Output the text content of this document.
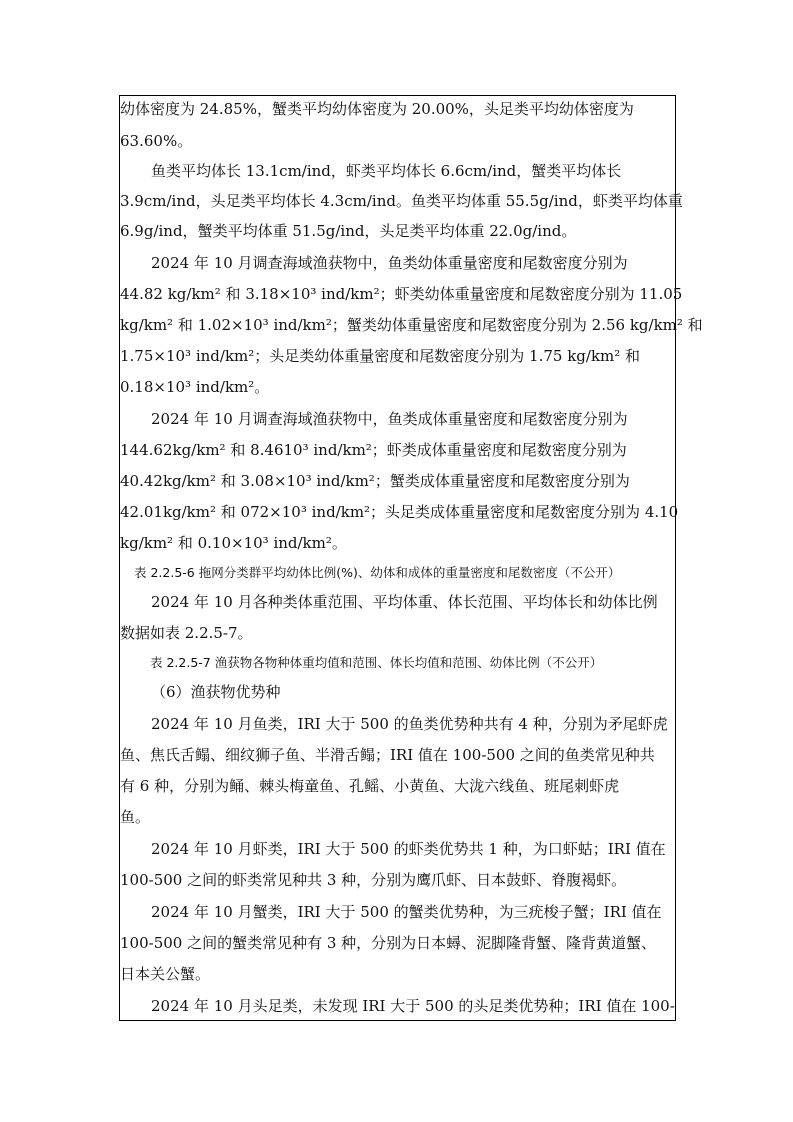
幼体密度为 24.85%，蟹类平均幼体密度为 20.00%，头足类平均幼体密度为
63.60%。
鱼类平均体长 13.1cm/ind，虾类平均体长 6.6cm/ind，蟹类平均体长
3.9cm/ind，头足类平均体长 4.3cm/ind。鱼类平均体重 55.5g/ind，虾类平均体重
6.9g/ind，蟹类平均体重 51.5g/ind，头足类平均体重 22.0g/ind。
2024 年 10 月调查海域渔获物中，鱼类幼体重量密度和尾数密度分别为
44.82 kg/km² 和 3.18×10³ ind/km²；虾类幼体重量密度和尾数密度分别为 11.05
kg/km² 和 1.02×10³ ind/km²；蟹类幼体重量密度和尾数密度分别为 2.56 kg/km² 和
1.75×10³ ind/km²；头足类幼体重量密度和尾数密度分别为 1.75 kg/km² 和
0.18×10³ ind/km²。
2024 年 10 月调查海域渔获物中，鱼类成体重量密度和尾数密度分别为
144.62kg/km² 和 8.4610³ ind/km²；虾类成体重量密度和尾数密度分别为
40.42kg/km² 和 3.08×10³ ind/km²；蟹类成体重量密度和尾数密度分别为
42.01kg/km² 和 072×10³ ind/km²；头足类成体重量密度和尾数密度分别为 4.10
kg/km² 和 0.10×10³ ind/km²。
表 2.2.5-6 拖网分类群平均幼体比例(%)、幼体和成体的重量密度和尾数密度（不公开）
2024 年 10 月各种类体重范围、平均体重、体长范围、平均体长和幼体比例
数据如表 2.2.5-7。
表 2.2.5-7 渔获物各物种体重均值和范围、体长均值和范围、幼体比例（不公开）
（6）渔获物优势种
2024 年 10 月鱼类，IRI 大于 500 的鱼类优势种共有 4 种，分别为矛尾虾虎
鱼、焦氏舌鳎、细纹狮子鱼、半滑舌鳎；IRI 值在 100-500 之间的鱼类常见种共
有 6 种，分别为鲬、棘头梅童鱼、孔鳐、小黄鱼、大泷六线鱼、班尾刺虾虎
鱼。
2024 年 10 月虾类，IRI 大于 500 的虾类优势共 1 种，为口虾蛄；IRI 值在
100-500 之间的虾类常见种共 3 种，分别为鹰爪虾、日本鼓虾、脊腹褐虾。
2024 年 10 月蟹类，IRI 大于 500 的蟹类优势种，为三疣梭子蟹；IRI 值在
100-500 之间的蟹类常见种有 3 种，分别为日本蟳、泥脚隆背蟹、隆背黄道蟹、
日本关公蟹。
2024 年 10 月头足类，未发现 IRI 大于 500 的头足类优势种；IRI 值在 100-
